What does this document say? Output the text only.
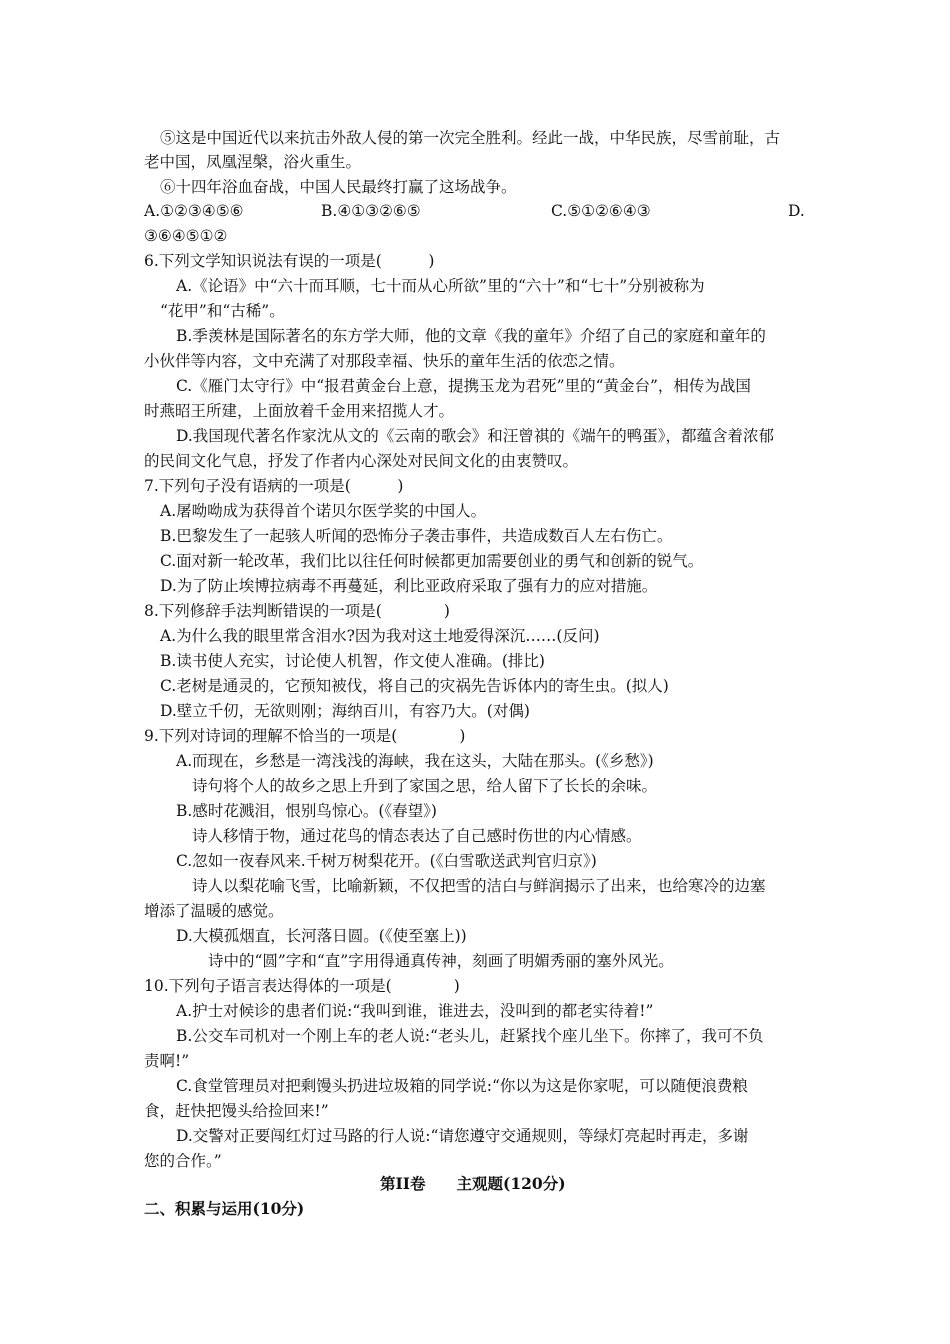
⑤这是中国近代以来抗击外敌人侵的第一次完全胜利。经此一战，中华民族，尽雪前耻，古
老中国，凤凰涅槃，浴火重生。
⑥十四年浴血奋战，中国人民最终打赢了这场战争。
A.①②③④⑤⑥	B.④①③②⑥⑤	C.⑤①②⑥④③	D.
③⑥④⑤①②
6.下列文学知识说法有误的一项是(　　　)
A.《论语》中“六十而耳顺，七十而从心所欲”里的“六十”和“七十”分别被称为
“花甲”和“古稀”。
B.季羡林是国际著名的东方学大师，他的文章《我的童年》介绍了自己的家庭和童年的
小伙伴等内容，文中充满了对那段幸福、快乐的童年生活的依恋之情。
C.《雁门太守行》中“报君黄金台上意，提携玉龙为君死”里的“黄金台”，相传为战国
时燕昭王所建，上面放着千金用来招揽人才。
D.我国现代著名作家沈从文的《云南的歌会》和汪曾祺的《端午的鸭蛋》，都蕴含着浓郁
的民间文化气息，抒发了作者内心深处对民间文化的由衷赞叹。
7.下列句子没有语病的一项是(　　　)
A.屠呦呦成为获得首个诺贝尔医学奖的中国人。
B.巴黎发生了一起骇人听闻的恐怖分子袭击事件，共造成数百人左右伤亡。
C.面对新一轮改革，我们比以往任何时候都更加需要创业的勇气和创新的锐气。
D.为了防止埃博拉病毒不再蔓延，利比亚政府采取了强有力的应对措施。
8.下列修辞手法判断错误的一项是(　　　　)
A.为什么我的眼里常含泪水?因为我对这土地爱得深沉……(反问)
B.读书使人充实，讨论使人机智，作文使人准确。(排比)
C.老树是通灵的，它预知被伐，将自己的灾祸先告诉体内的寄生虫。(拟人)
D.壁立千仞，无欲则刚；海纳百川，有容乃大。(对偶)
9.下列对诗词的理解不恰当的一项是(　　　　)
A.而现在，乡愁是一湾浅浅的海峡，我在这头，大陆在那头。(《乡愁》)
诗句将个人的故乡之思上升到了家国之思，给人留下了长长的余味。
B.感时花溅泪，恨别鸟惊心。(《春望》)
诗人移情于物，通过花鸟的情态表达了自己感时伤世的内心情感。
C.忽如一夜春风来.千树万树梨花开。(《白雪歌送武判官归京》)
诗人以梨花喻飞雪，比喻新颖，不仅把雪的洁白与鲜润揭示了出来，也给寒冷的边塞
增添了温暖的感觉。
D.大模孤烟直，长河落日圆。(《使至塞上))
诗中的“圆”字和“直”字用得通真传神，刻画了明媚秀丽的塞外风光。
10.下列句子语言表达得体的一项是(　　　　)
A.护士对候诊的患者们说:“我叫到谁，谁进去，没叫到的都老实待着!”
B.公交车司机对一个刚上车的老人说:“老头儿，赶紧找个座儿坐下。你摔了，我可不负
责啊!”
C.食堂管理员对把剩馒头扔进垃圾箱的同学说:“你以为这是你家呢，可以随便浪费粮
食，赶快把馒头给捡回来!”
D.交警对正要闯红灯过马路的行人说:“请您遵守交通规则，等绿灯亮起时再走，多谢
您的合作。”
第II卷　　主观题(120分)
二、积累与运用(10分)
